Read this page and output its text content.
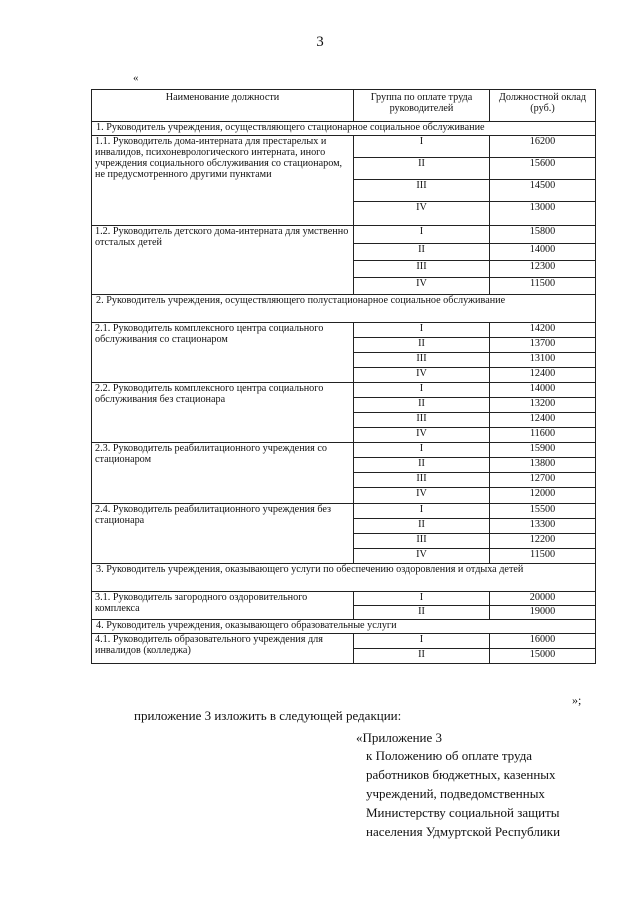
3
«
Наименование должности	Группа по оплате труда руководителей	Должностной оклад (руб.)
1. Руководитель учреждения, осуществляющего стационарное социальное обслуживание		
1.1. Руководитель дома-интерната для престарелых и инвалидов, психоневрологического интерната, иного учреждения социального обслуживания со стационаром, не предусмотренного другими пунктами	I	16200
	II	15600
	III	14500
	IV	13000
1.2. Руководитель детского дома-интерната для умственно отсталых детей	I	15800
	II	14000
	III	12300
	IV	11500
2. Руководитель учреждения, осуществляющего полустационарное социальное обслуживание		
2.1. Руководитель комплексного центра социального обслуживания со стационаром	I	14200
	II	13700
	III	13100
	IV	12400
2.2. Руководитель комплексного центра социального обслуживания без стационара	I	14000
	II	13200
	III	12400
	IV	11600
2.3. Руководитель реабилитационного учреждения со стационаром	I	15900
	II	13800
	III	12700
	IV	12000
2.4. Руководитель реабилитационного учреждения без стационара	I	15500
	II	13300
	III	12200
	IV	11500
3. Руководитель учреждения, оказывающего услуги по обеспечению оздоровления и отдыха детей		
3.1. Руководитель загородного оздоровительного комплекса	I	20000
	II	19000
4. Руководитель учреждения, оказывающего образовательные услуги		
4.1. Руководитель образовательного учреждения для инвалидов (колледжа)	I	16000
	II	15000
»;
приложение 3 изложить в следующей редакции:
«Приложение 3
к Положению об оплате труда
работников бюджетных, казенных
учреждений, подведомственных
Министерству социальной защиты
населения Удмуртской Республики
